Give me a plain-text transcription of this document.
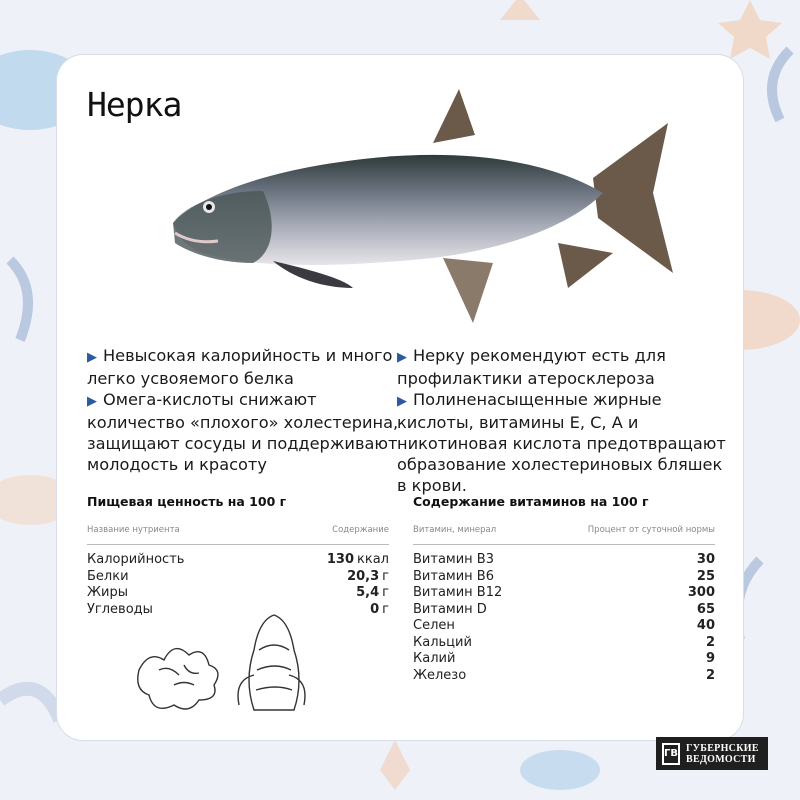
Нерка

▶ Невысокая калорийность и много легко усвояемого белка

▶ Омега-кислоты снижают количество «плохого» холестерина, защищают сосуды и поддерживают молодость и красоту

▶ Нерку рекомендуют есть для профилактики атеросклероза

▶ Полиненасыщенные жирные кислоты, витамины Е, С, А и никотиновая кислота предотвращают образование холестериновых бляшек в крови.

Пищевая ценность на 100 г
Название нутриента	Содержание
Калорийность	130 ккал
Белки	20,3 г
Жиры	5,4 г
Углеводы	0 г
Содержание витаминов на 100 г
Витамин, минерал	Процент от суточной нормы
Витамин В3	30
Витамин В6	25
Витамин В12	300
Витамин D	65
Селен	40
Кальций	2
Калий	9
Железо	2
ГВ ГУБЕРНСКИЕ
ВЕДОМОСТИ
